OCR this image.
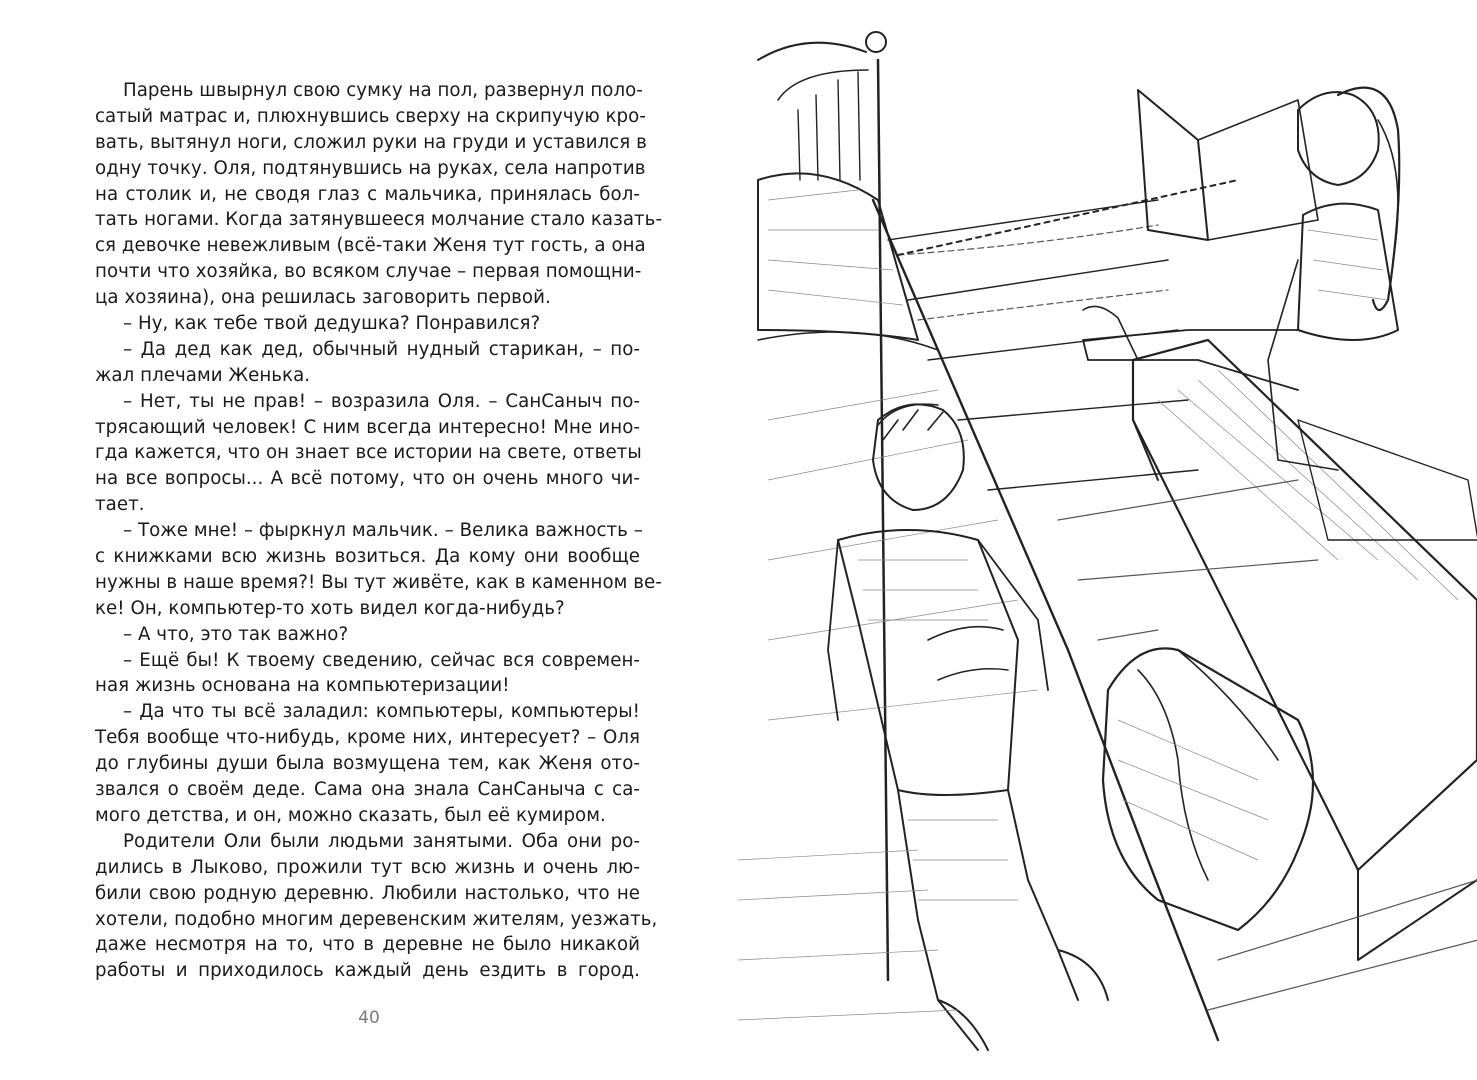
Парень швырнул свою сумку на пол, развернул поло-
сатый матрас и, плюхнувшись сверху на скрипучую кро-
вать, вытянул ноги, сложил руки на груди и уставился в
одну точку. Оля, подтянувшись на руках, села напротив
на столик и, не сводя глаз с мальчика, принялась бол-
тать ногами. Когда затянувшееся молчание стало казать-
ся девочке невежливым (всё-таки Женя тут гость, а она
почти что хозяйка, во всяком случае – первая помощни-
ца хозяина), она решилась заговорить первой.
– Ну, как тебе твой дедушка? Понравился?
– Да дед как дед, обычный нудный старикан, – по-
жал плечами Женька.
– Нет, ты не прав! – возразила Оля. – СанСаныч по-
трясающий человек! С ним всегда интересно! Мне ино-
гда кажется, что он знает все истории на свете, ответы
на все вопросы... А всё потому, что он очень много чи-
тает.
– Тоже мне! – фыркнул мальчик. – Велика важность –
с книжками всю жизнь возиться. Да кому они вообще
нужны в наше время?! Вы тут живёте, как в каменном ве-
ке! Он, компьютер-то хоть видел когда-нибудь?
– А что, это так важно?
– Ещё бы! К твоему сведению, сейчас вся современ-
ная жизнь основана на компьютеризации!
– Да что ты всё заладил: компьютеры, компьютеры!
Тебя вообще что-нибудь, кроме них, интересует? – Оля
до глубины души была возмущена тем, как Женя ото-
звался о своём деде. Сама она знала СанСаныча с са-
мого детства, и он, можно сказать, был её кумиром.
Родители Оли были людьми занятыми. Оба они ро-
дились в Лыково, прожили тут всю жизнь и очень лю-
били свою родную деревню. Любили настолько, что не
хотели, подобно многим деревенским жителям, уезжать,
даже несмотря на то, что в деревне не было никакой
работы и приходилось каждый день ездить в город.
40
